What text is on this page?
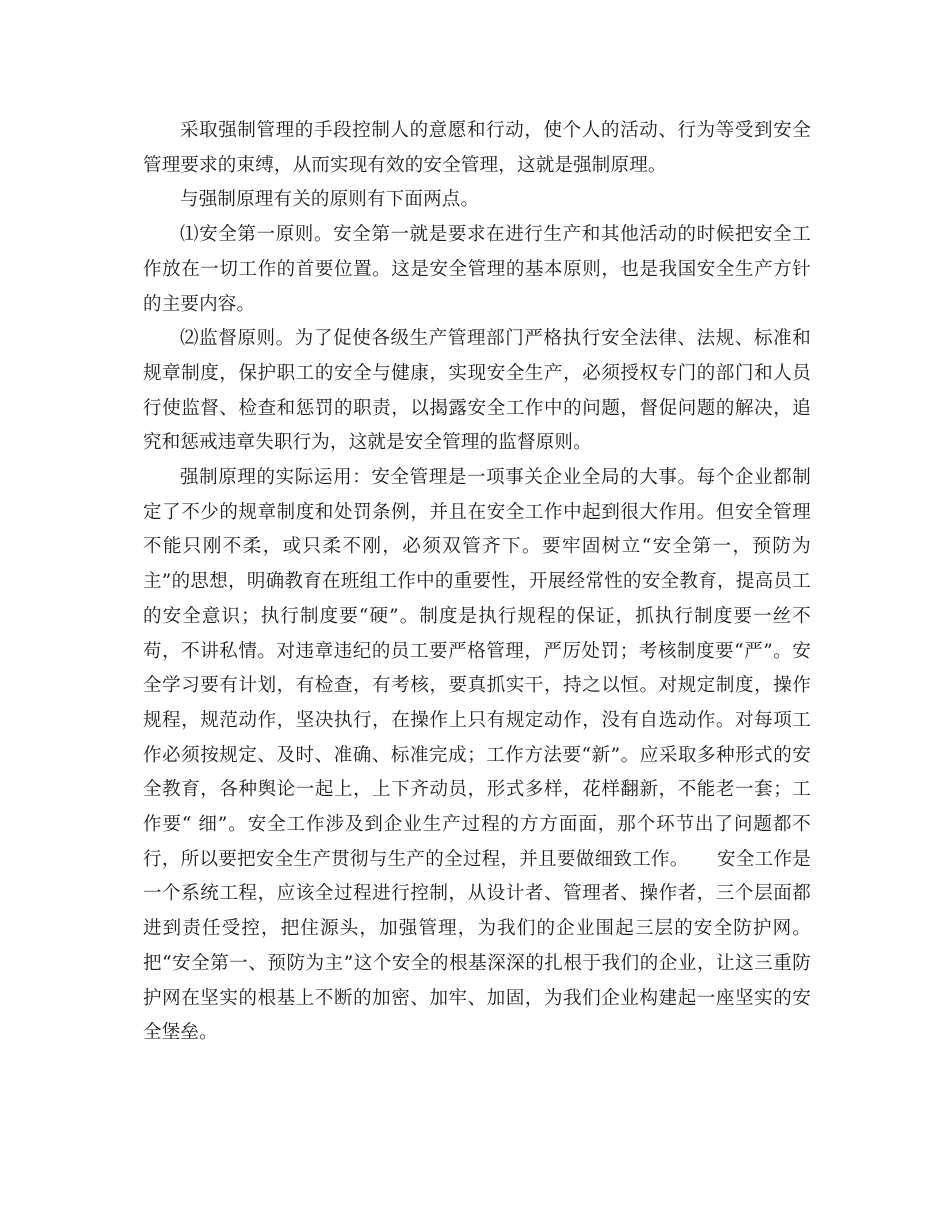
采取强制管理的手段控制人的意愿和行动，使个人的活动、行为等受到安全管理要求的束缚，从而实现有效的安全管理，这就是强制原理。

与强制原理有关的原则有下面两点。

⑴安全第一原则。安全第一就是要求在进行生产和其他活动的时候把安全工作放在一切工作的首要位置。这是安全管理的基本原则，也是我国安全生产方针的主要内容。

⑵监督原则。为了促使各级生产管理部门严格执行安全法律、法规、标准和规章制度，保护职工的安全与健康，实现安全生产，必须授权专门的部门和人员行使监督、检查和惩罚的职责，以揭露安全工作中的问题，督促问题的解决，追究和惩戒违章失职行为，这就是安全管理的监督原则。

强制原理的实际运用：安全管理是一项事关企业全局的大事。每个企业都制定了不少的规章制度和处罚条例，并且在安全工作中起到很大作用。但安全管理不能只刚不柔，或只柔不刚，必须双管齐下。要牢固树立“安全第一，预防为主”的思想，明确教育在班组工作中的重要性，开展经常性的安全教育，提高员工的安全意识；执行制度要“硬”。制度是执行规程的保证，抓执行制度要一丝不苟，不讲私情。对违章违纪的员工要严格管理，严厉处罚；考核制度要“严”。安全学习要有计划，有检查，有考核，要真抓实干，持之以恒。对规定制度，操作规程，规范动作，坚决执行，在操作上只有规定动作，没有自选动作。对每项工作必须按规定、及时、准确、标准完成；工作方法要“新”。应采取多种形式的安全教育，各种舆论一起上，上下齐动员，形式多样，花样翻新，不能老一套；工作要“ 细”。安全工作涉及到企业生产过程的方方面面，那个环节出了问题都不行，所以要把安全生产贯彻与生产的全过程，并且要做细致工作。　　安全工作是一个系统工程，应该全过程进行控制，从设计者、管理者、操作者，三个层面都进到责任受控，把住源头，加强管理，为我们的企业围起三层的安全防护网。把“安全第一、预防为主”这个安全的根基深深的扎根于我们的企业，让这三重防护网在坚实的根基上不断的加密、加牢、加固，为我们企业构建起一座坚实的安全堡垒。
